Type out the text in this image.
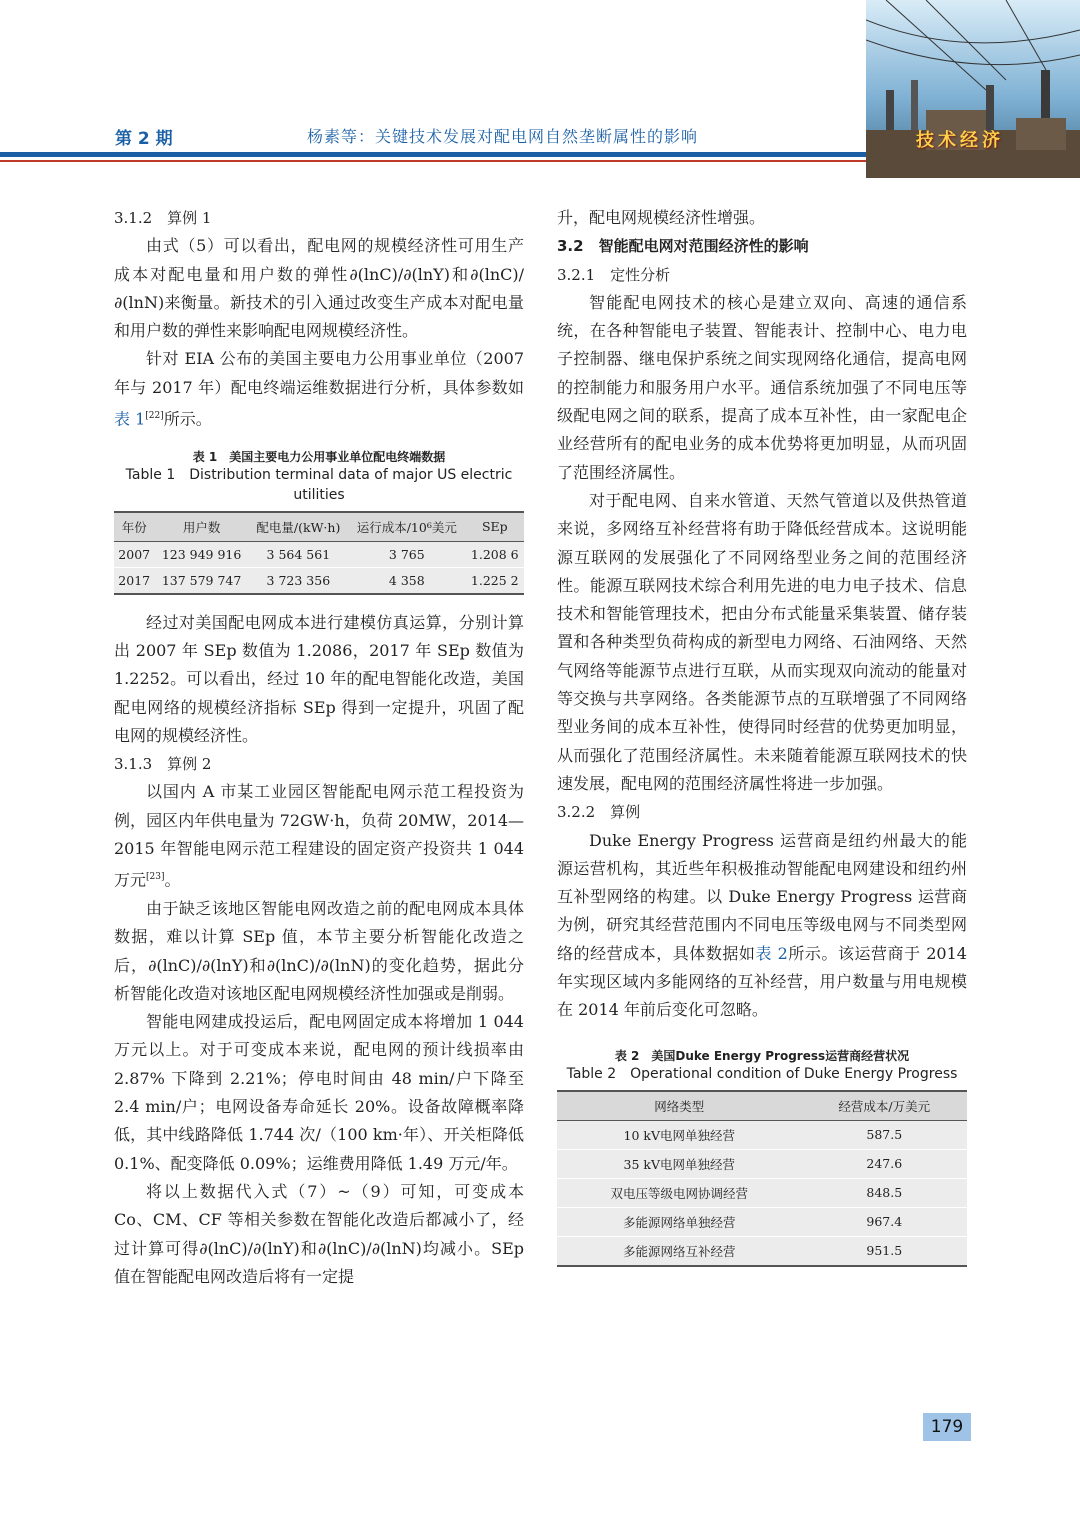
第 2 期	杨素等：关键技术发展对配电网自然垄断属性的影响	技术经济

3.1.2　算例 1

由式（5）可以看出，配电网的规模经济性可用生产成本对配电量和用户数的弹性∂(lnC)/∂(lnY)和∂(lnC)/∂(lnN)来衡量。新技术的引入通过改变生产成本对配电量和用户数的弹性来影响配电网规模经济性。

针对 EIA 公布的美国主要电力公用事业单位（2007 年与 2017 年）配电终端运维数据进行分析，具体参数如表 1[22]所示。

表 1　美国主要电力公用事业单位配电终端数据
Table 1　Distribution terminal data of major US electric utilities
年份	用户数	配电量/(kW·h)	运行成本/10⁶美元	SEp
2007	123 949 916	3 564 561	3 765	1.208 6
2017	137 579 747	3 723 356	4 358	1.225 2

经过对美国配电网成本进行建模仿真运算，分别计算出 2007 年 SEp 数值为 1.2086，2017 年 SEp 数值为 1.2252。可以看出，经过 10 年的配电智能化改造，美国配电网络的规模经济指标 SEp 得到一定提升，巩固了配电网的规模经济性。

3.1.3　算例 2

以国内 A 市某工业园区智能配电网示范工程投资为例，园区内年供电量为 72GW·h，负荷 20MW，2014—2015 年智能电网示范工程建设的固定资产投资共 1 044 万元[23]。

由于缺乏该地区智能电网改造之前的配电网成本具体数据，难以计算 SEp 值，本节主要分析智能化改造之后，∂(lnC)/∂(lnY)和∂(lnC)/∂(lnN)的变化趋势，据此分析智能化改造对该地区配电网规模经济性加强或是削弱。

智能电网建成投运后，配电网固定成本将增加 1 044 万元以上。对于可变成本来说，配电网的预计线损率由 2.87% 下降到 2.21%；停电时间由 48 min/户下降至 2.4 min/户；电网设备寿命延长 20%。设备故障概率降低，其中线路降低 1.744 次/（100 km·年）、开关柜降低 0.1%、配变降低 0.09%；运维费用降低 1.49 万元/年。

将以上数据代入式（7）~（9）可知，可变成本 Co、CM、CF 等相关参数在智能化改造后都减小了，经过计算可得∂(lnC)/∂(lnY)和∂(lnC)/∂(lnN)均减小。SEp 值在智能配电网改造后将有一定提

升，配电网规模经济性增强。

3.2　智能配电网对范围经济性的影响

3.2.1　定性分析

智能配电网技术的核心是建立双向、高速的通信系统，在各种智能电子装置、智能表计、控制中心、电力电子控制器、继电保护系统之间实现网络化通信，提高电网的控制能力和服务用户水平。通信系统加强了不同电压等级配电网之间的联系，提高了成本互补性，由一家配电企业经营所有的配电业务的成本优势将更加明显，从而巩固了范围经济属性。

对于配电网、自来水管道、天然气管道以及供热管道来说，多网络互补经营将有助于降低经营成本。这说明能源互联网的发展强化了不同网络型业务之间的范围经济性。能源互联网技术综合利用先进的电力电子技术、信息技术和智能管理技术，把由分布式能量采集装置、储存装置和各种类型负荷构成的新型电力网络、石油网络、天然气网络等能源节点进行互联，从而实现双向流动的能量对等交换与共享网络。各类能源节点的互联增强了不同网络型业务间的成本互补性，使得同时经营的优势更加明显，从而强化了范围经济属性。未来随着能源互联网技术的快速发展，配电网的范围经济属性将进一步加强。

3.2.2　算例

Duke Energy Progress 运营商是纽约州最大的能源运营机构，其近些年积极推动智能配电网建设和纽约州互补型网络的构建。以 Duke Energy Progress 运营商为例，研究其经营范围内不同电压等级电网与不同类型网络的经营成本，具体数据如表 2所示。该运营商于 2014 年实现区域内多能网络的互补经营，用户数量与用电规模在 2014 年前后变化可忽略。

表 2　美国Duke Energy Progress运营商经营状况
Table 2　Operational condition of Duke Energy Progress
网络类型	经营成本/万美元
10 kV电网单独经营	587.5
35 kV电网单独经营	247.6
双电压等级电网协调经营	848.5
多能源网络单独经营	967.4
多能源网络互补经营	951.5
179
